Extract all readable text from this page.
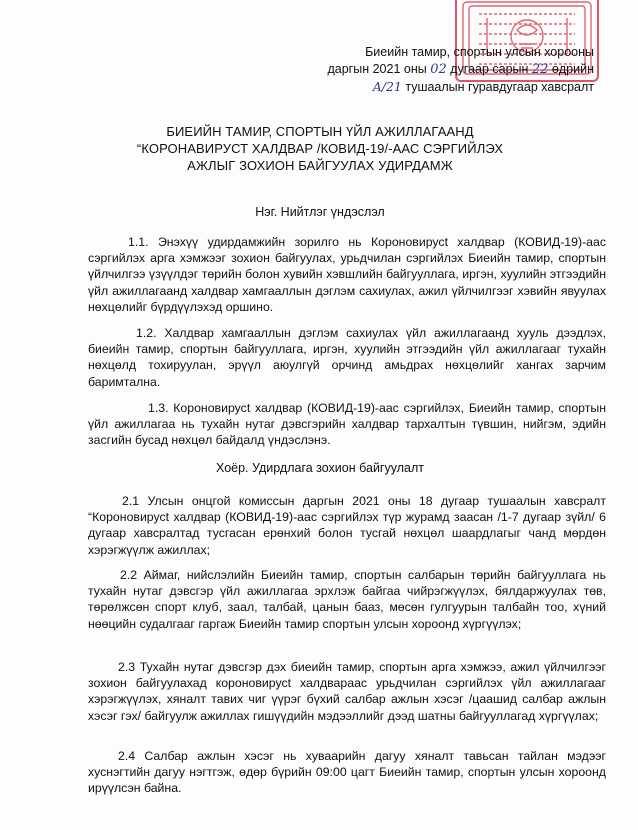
Биеийн тамир, спортын улсын хорооны
даргын 2021 оны 02 дугаар сарын 22 өдрийн
A/21 тушаалын гуравдугаар хавсралт
БИЕИЙН ТАМИР, СПОРТЫН ҮЙЛ АЖИЛЛАГААНД
“КОРОНАВИРУСТ ХАЛДВАР /КОВИД-19/-ААС СЭРГИЙЛЭХ
АЖЛЫГ ЗОХИОН БАЙГУУЛАХ УДИРДАМЖ
Нэг. Нийтлэг үндэслэл
1.1. Энэхүү удирдамжийн зорилго нь Короновирусt халдвар (КОВИД-19)-аас сэргийлэх арга хэмжээг зохион байгуулах, урьдчилан сэргийлэх Биеийн тамир, спортын үйлчилгээ үзүүлдэг төрийн болон хувийн хэвшлийн байгууллага, иргэн, хуулийн этгээдийн үйл ажиллагаанд халдвар хамгааллын дэглэм сахиулах, ажил үйлчилгээг хэвийн явуулах нөхцөлийг бүрдүүлэхэд оршино.
1.2. Халдвар хамгааллын дэглэм сахиулах үйл ажиллагаанд хууль дээдлэх, биеийн тамир, спортын байгууллага, иргэн, хуулийн этгээдийн үйл ажиллагааг тухайн нөхцөлд тохируулан, эрүүл аюулгүй орчинд амьдрах нөхцөлийг хангах зарчим баримтална.
1.3. Короновирусt халдвар (КОВИД-19)-аас сэргийлэх, Биеийн тамир, спортын үйл ажиллагаа нь тухайн нутаг дэвсгэрийн халдвар тархалтын түвшин, нийгэм, эдийн засгийн бусад нөхцөл байдалд үндэслэнэ.
Хоёр. Удирдлага зохион байгуулалт
2.1 Улсын онцгой комиссын даргын 2021 оны 18 дугаар тушаалын хавсралт “Короновирусt халдвар (КОВИД-19)-аас сэргийлэх түр журамд заасан /1-7 дугаар зүйл/ 6 дугаар хавсралтад тусгасан ерөнхий болон тусгай нөхцөл шаардлагыг чанд мөрдөн хэрэгжүүлж ажиллах;
2.2 Аймаг, нийслэлийн Биеийн тамир, спортын салбарын төрийн байгууллага нь тухайн нутаг дэвсгэр үйл ажиллагаа эрхлэж байгаа чийрэгжүүлэх, бялдаржуулах төв, төрөлжсөн спорт клуб, заал, талбай, цанын бааз, мөсөн гулгуурын талбайн тоо, хүний нөөцийн судалгааг гаргаж Биеийн тамир спортын улсын хороонд хүргүүлэх;
2.3 Тухайн нутаг дэвсгэр дэх биеийн тамир, спортын арга хэмжээ, ажил үйлчилгээг зохион байгуулахад короновирусt халдвараас урьдчилан сэргийлэх үйл ажиллагааг хэрэгжүүлэх, хяналт тавих чиг үүрэг бүхий салбар ажлын хэсэг /цаашид салбар ажлын хэсэг гэх/ байгуулж ажиллах гишүүдийн мэдээллийг дээд шатны байгууллагад хүргүүлах;
2.4 Салбар ажлын хэсэг нь хуваарийн дагуу хяналт тавьсан тайлан мэдээг хуснэгтийн дагуу нэгтгэж, өдөр бүрийн 09:00 цагт Биеийн тамир, спортын улсын хороонд ирүүлсэн байна.
